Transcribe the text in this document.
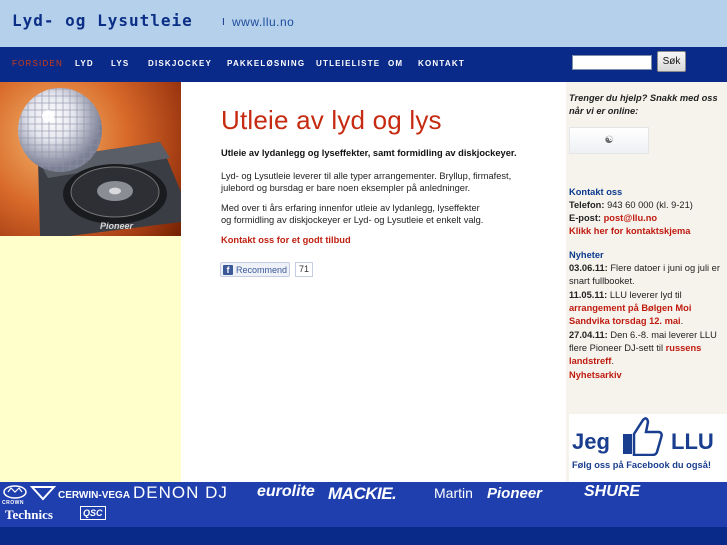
Lyd- og Lysutleie	I www.llu.no
FORSIDEN LYD LYS DISKJOCKEY PAKKELØSNING UTLEIELISTE OM KONTAKT	Søk
Pioneer
Utleie av lyd og lys
Utleie av lydanlegg og lyseffekter, samt formidling av diskjockeyer.
Lyd- og Lysutleie leverer til alle typer arrangementer. Bryllup, firmafest,
julebord og bursdag er bare noen eksempler på anledninger.
Med over ti års erfaring innenfor utleie av lydanlegg, lyseffekter
og formidling av diskjockeyer er Lyd- og Lysutleie et enkelt valg.
Kontakt oss for et godt tilbud
f Recommend	71
Trenger du hjelp? Snakk med oss når vi er online:
☯
Kontakt oss
Telefon: 943 60 000 (kl. 9-21)
E-post: post@llu.no
Klikk her for kontaktskjema
Nyheter
03.06.11: Flere datoer i juni og juli er
snart fullbooket.
11.05.11: LLU leverer lyd til
arrangement på Bølgen Moi
Sandvika torsdag 12. mai.
27.04.11: Den 6.-8. mai leverer LLU
flere Pioneer DJ-sett til russens
landstreff.
Nyhetsarkiv
Jeg	LLU
Følg oss på Facebook du også!
CROWN
CERWIN-VEGA DENON DJ eurolite MACKIE.	Martin Pioneer	SHURE
Technics	QSC
